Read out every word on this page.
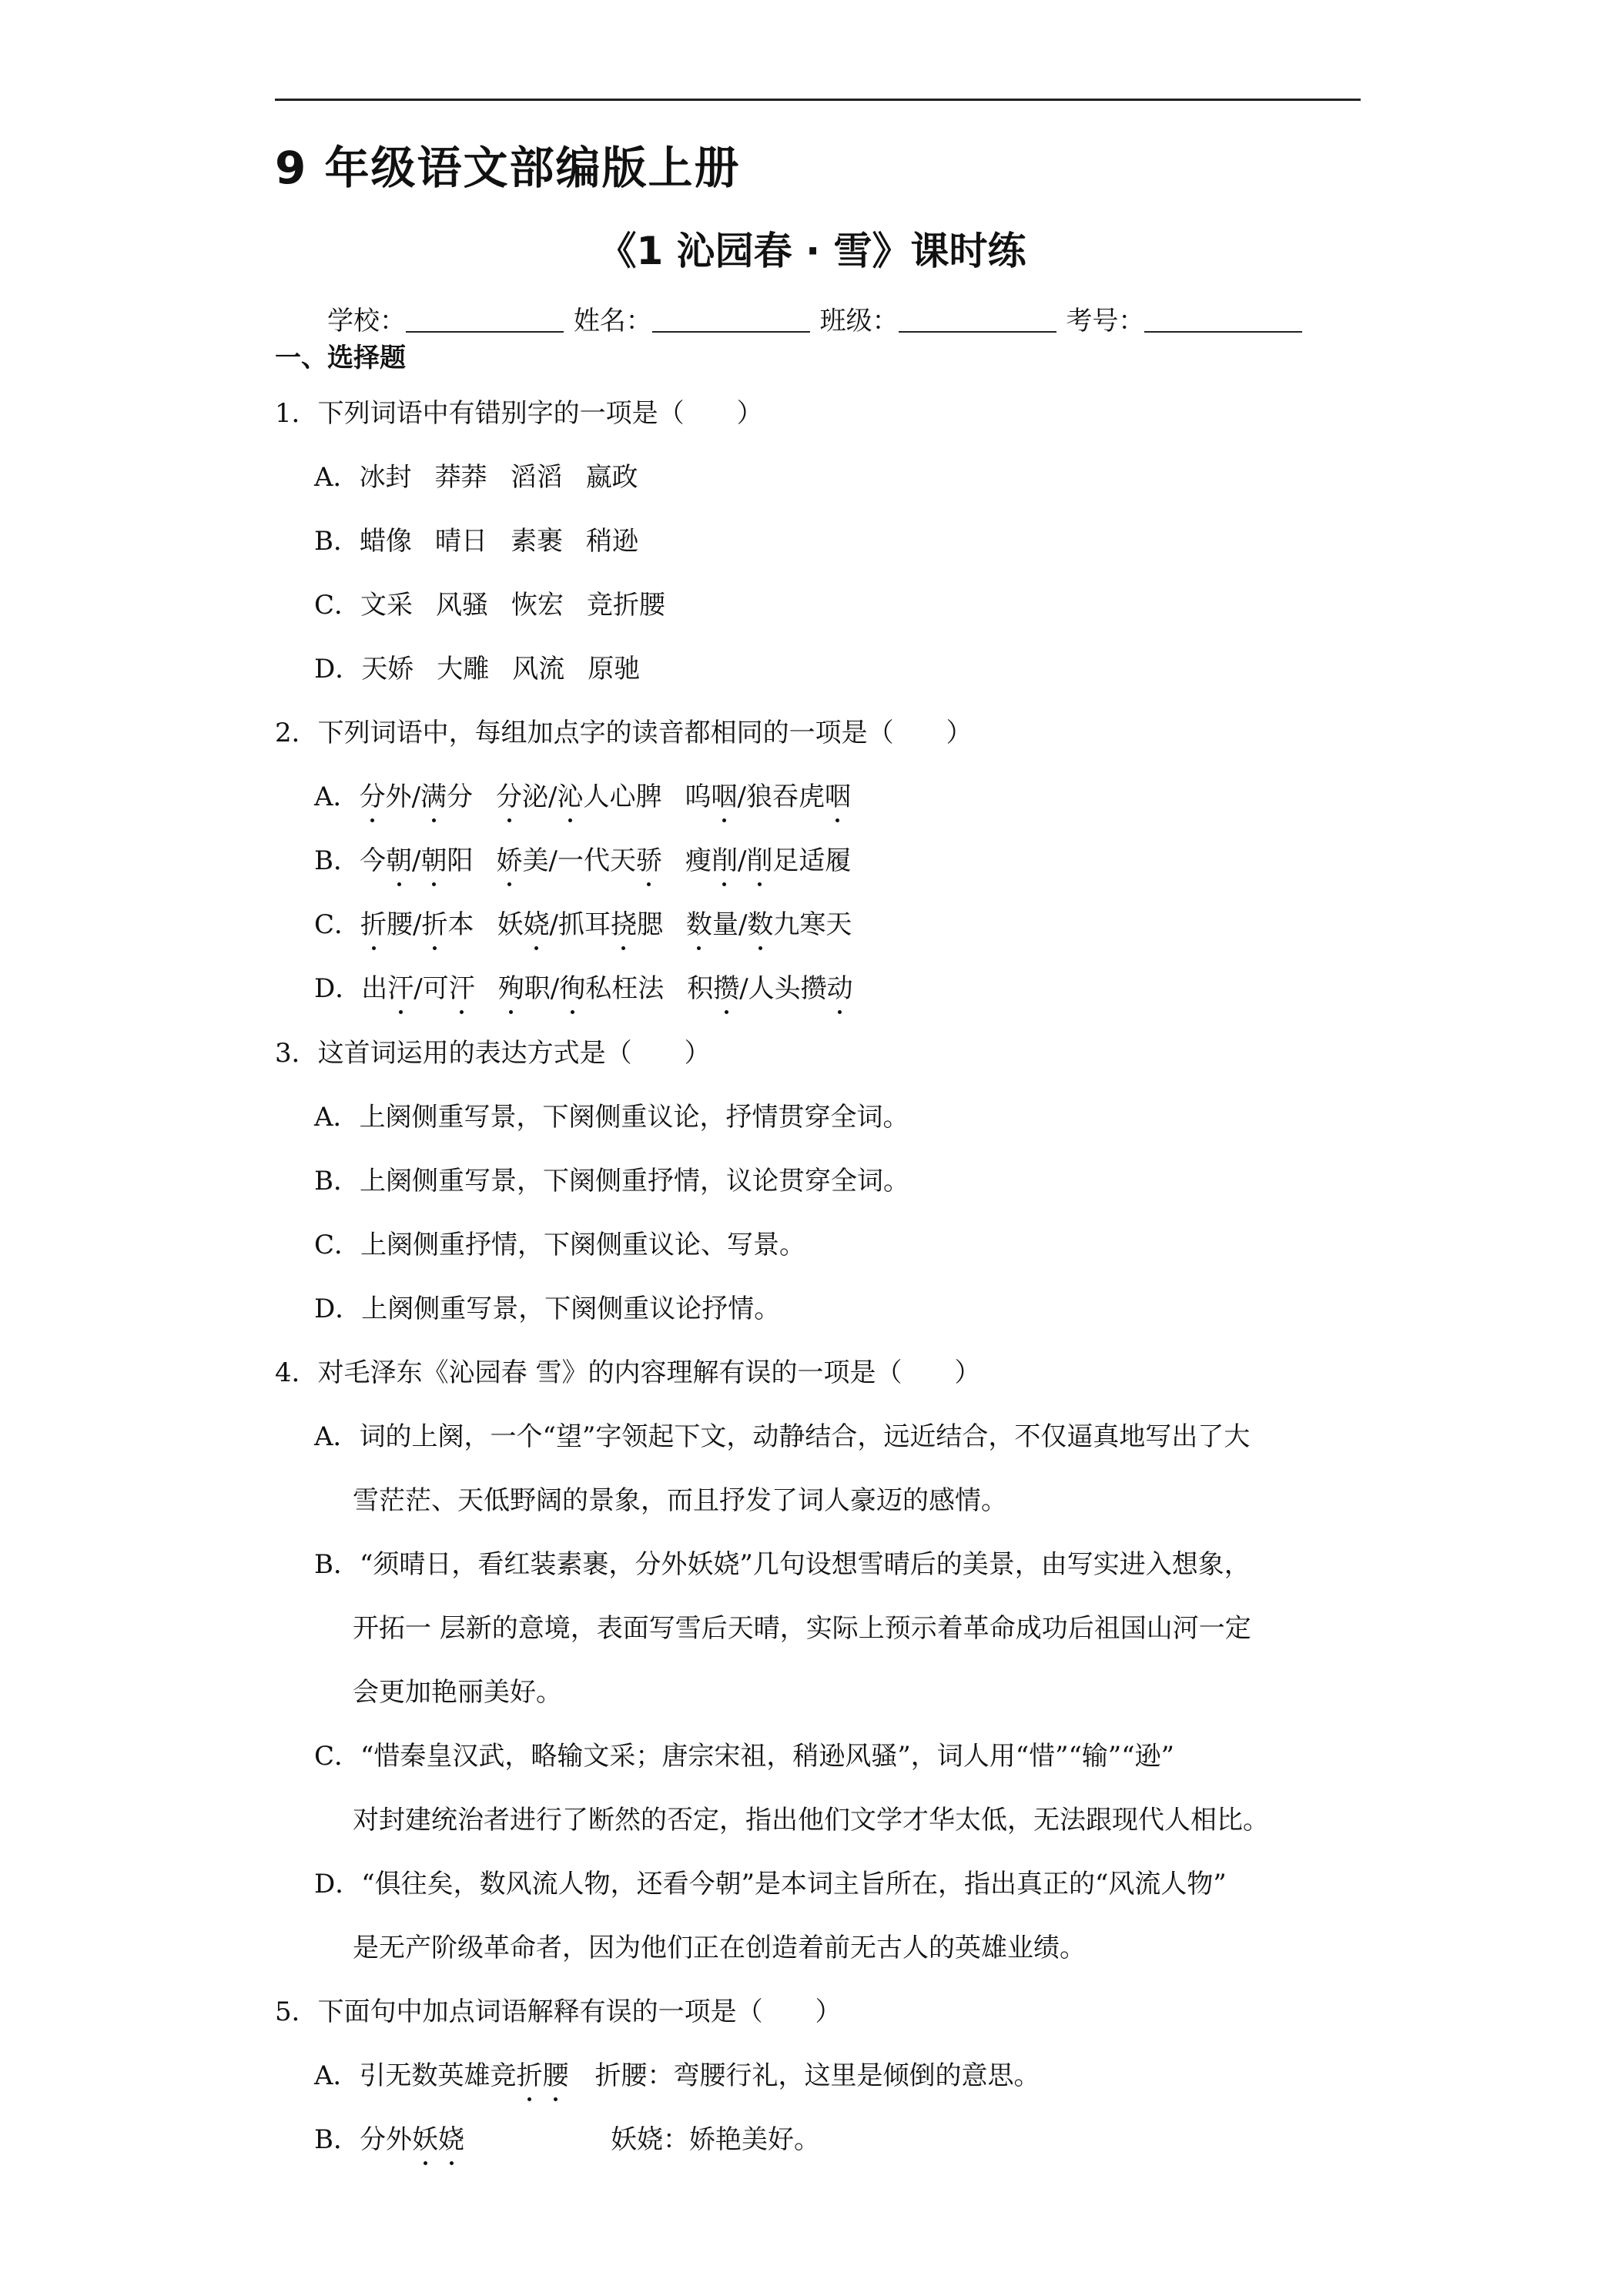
9 年级语文部编版上册
《1 沁园春 · 雪》课时练
学校：	姓名：	班级：	考号：
一、选择题
1．下列词语中有错别字的一项是（　　）
A．冰封 莽莽 滔滔 嬴政
B．蜡像 晴日 素裹 稍逊
C．文采 风骚 恢宏 竞折腰
D．天娇 大雕 风流 原驰
2．下列词语中，每组加点字的读音都相同的一项是（　　）
A．分外/满分 分泌/沁人心脾 呜咽/狼吞虎咽
B．今朝/朝阳 娇美/一代天骄 瘦削/削足适履
C．折腰/折本 妖娆/抓耳挠腮 数量/数九寒天
D．出汗/可汗 殉职/徇私枉法 积攒/人头攒动
3．这首词运用的表达方式是（　　）
A．上阕侧重写景，下阕侧重议论，抒情贯穿全词。
B．上阕侧重写景，下阕侧重抒情，议论贯穿全词。
C．上阕侧重抒情，下阕侧重议论、写景。
D．上阕侧重写景，下阕侧重议论抒情。
4．对毛泽东《沁园春 雪》的内容理解有误的一项是（　　）
A．词的上阕，一个“望”字领起下文，动静结合，远近结合，不仅逼真地写出了大
雪茫茫、天低野阔的景象，而且抒发了词人豪迈的感情。
B．“须晴日，看红装素裹，分外妖娆”几句设想雪晴后的美景，由写实进入想象，
开拓一 层新的意境，表面写雪后天晴，实际上预示着革命成功后祖国山河一定
会更加艳丽美好。
C．“惜秦皇汉武，略输文采；唐宗宋祖，稍逊风骚”，词人用“惜”“输”“逊”
对封建统治者进行了断然的否定，指出他们文学才华太低，无法跟现代人相比。
D．“俱往矣，数风流人物，还看今朝”是本词主旨所在，指出真正的“风流人物”
是无产阶级革命者，因为他们正在创造着前无古人的英雄业绩。
5．下面句中加点词语解释有误的一项是（　　）
A．引无数英雄竞折腰 折腰：弯腰行礼，这里是倾倒的意思。
B．分外妖娆	妖娆：娇艳美好。
